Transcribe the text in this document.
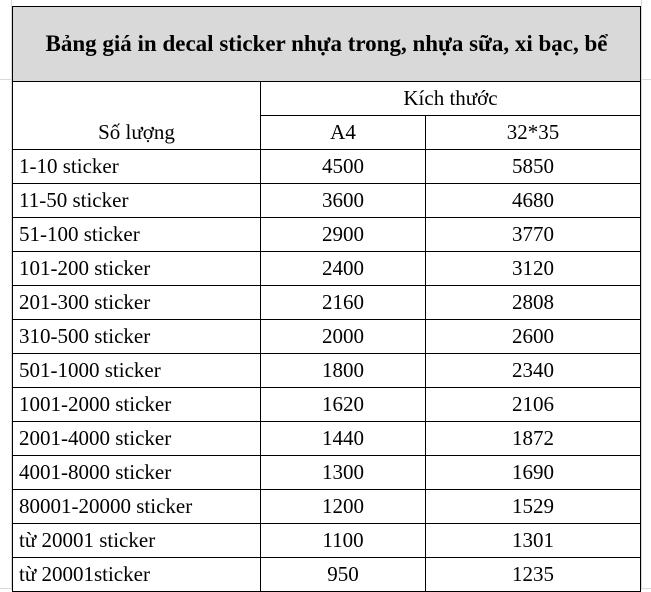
Bảng giá in decal sticker nhựa trong, nhựa sữa, xi bạc, bể		
Số lượng	Kích thước	
	A4	32*35
1-10 sticker	4500	5850
11-50 sticker	3600	4680
51-100 sticker	2900	3770
101-200 sticker	2400	3120
201-300 sticker	2160	2808
310-500 sticker	2000	2600
501-1000 sticker	1800	2340
1001-2000 sticker	1620	2106
2001-4000 sticker	1440	1872
4001-8000 sticker	1300	1690
80001-20000 sticker	1200	1529
từ 20001 sticker	1100	1301
từ 20001sticker	950	1235
